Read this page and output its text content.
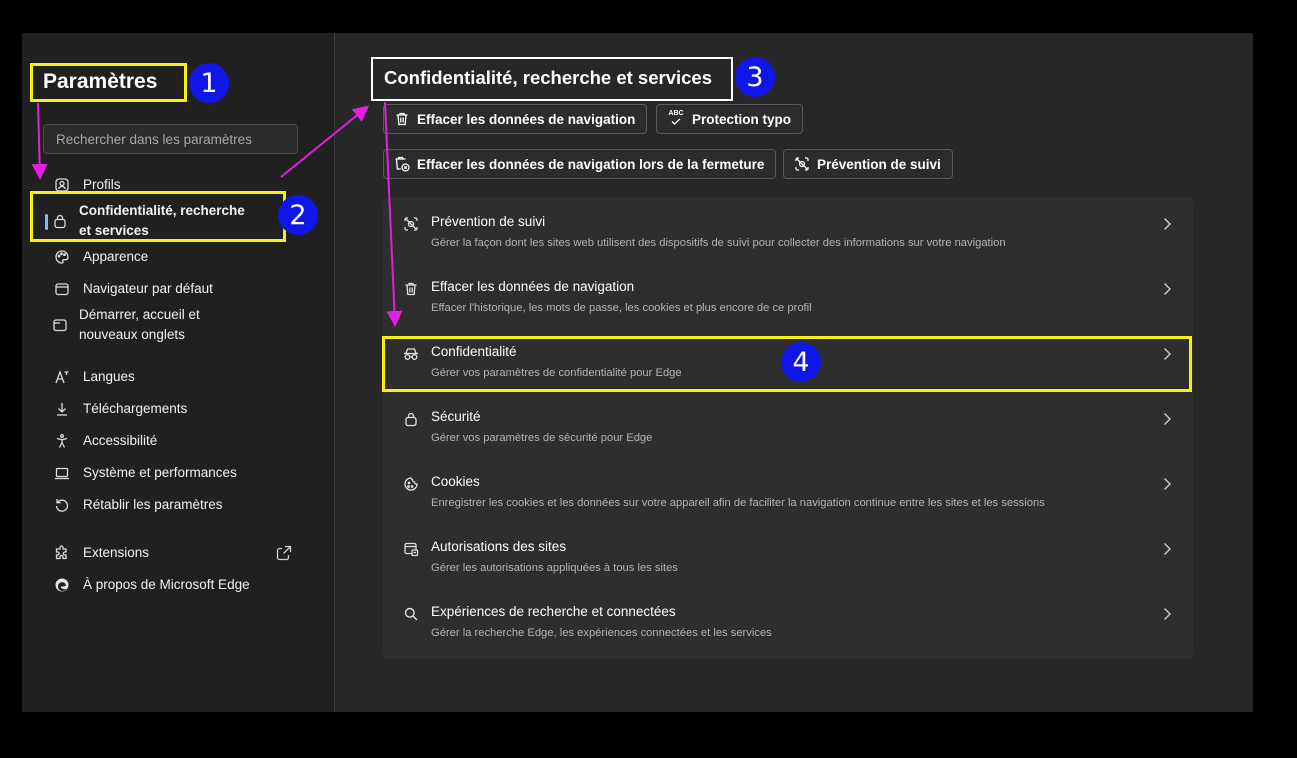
Paramètres
Rechercher dans les paramètres
Profils
Confidentialité, recherche et services
Apparence
Navigateur par défaut
Démarrer, accueil et nouveaux onglets
Langues
Téléchargements
Accessibilité
Système et performances
Rétablir les paramètres
Extensions
À propos de Microsoft Edge
Confidentialité, recherche et services
Effacer les données de navigation	ABC Protection typo
Effacer les données de navigation lors de la fermeture	Prévention de suivi
Prévention de suivi
Gérer la façon dont les sites web utilisent des dispositifs de suivi pour collecter des informations sur votre navigation
Effacer les données de navigation
Effacer l'historique, les mots de passe, les cookies et plus encore de ce profil
Confidentialité
Gérer vos paramètres de confidentialité pour Edge
Sécurité
Gérer vos paramètres de sécurité pour Edge
Cookies
Enregistrer les cookies et les données sur votre appareil afin de faciliter la navigation continue entre les sites et les sessions
Autorisations des sites
Gérer les autorisations appliquées à tous les sites
Expériences de recherche et connectées
Gérer la recherche Edge, les expériences connectées et les services
1
2
3
4
